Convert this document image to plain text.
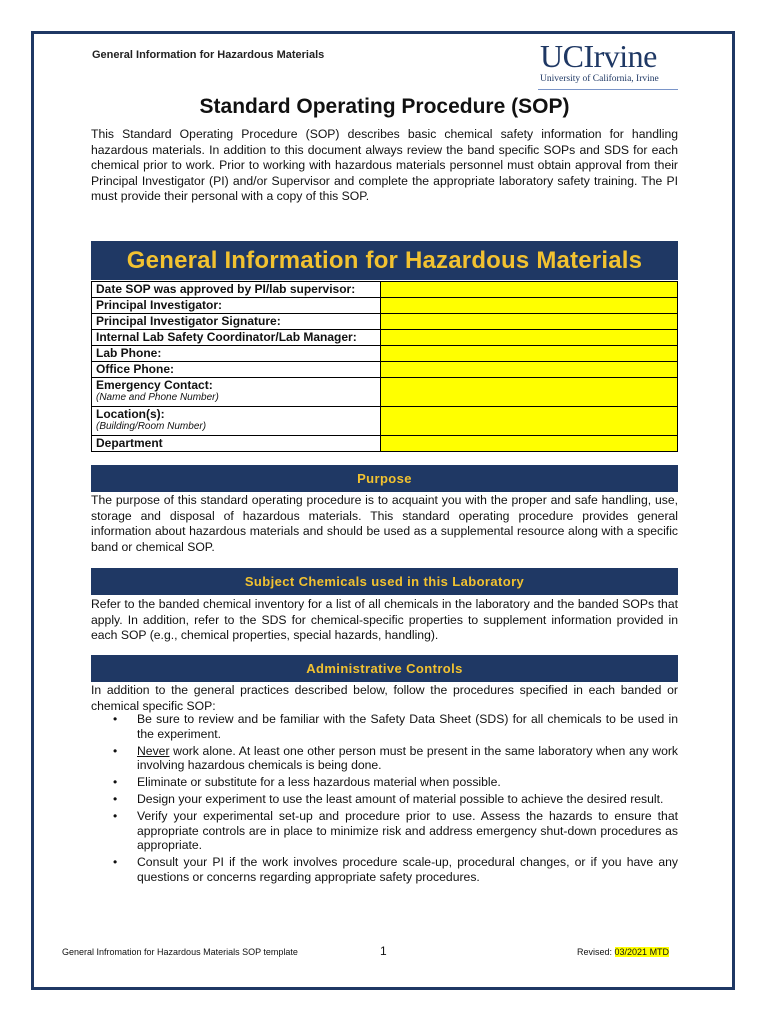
General Information for Hazardous Materials	UCIrvine
University of California, Irvine
Standard Operating Procedure (SOP)
This Standard Operating Procedure (SOP) describes basic chemical safety information for handling hazardous materials. In addition to this document always review the band specific SOPs and SDS for each chemical prior to work. Prior to working with hazardous materials personnel must obtain approval from their Principal Investigator (PI) and/or Supervisor and complete the appropriate laboratory safety training. The PI must provide their personal with a copy of this SOP.
General Information for Hazardous Materials
Date SOP was approved by PI/lab supervisor:	
Principal Investigator:	
Principal Investigator Signature:	
Internal Lab Safety Coordinator/Lab Manager:	
Lab Phone:	
Office Phone:	
Emergency Contact:
(Name and Phone Number)	

Location(s):
(Building/Room Number)	

Department	
Purpose
The purpose of this standard operating procedure is to acquaint you with the proper and safe handling, use, storage and disposal of hazardous materials. This standard operating procedure provides general information about hazardous materials and should be used as a supplemental resource along with a specific band or chemical SOP.
Subject Chemicals used in this Laboratory
Refer to the banded chemical inventory for a list of all chemicals in the laboratory and the banded SOPs that apply. In addition, refer to the SDS for chemical-specific properties to supplement information provided in each SOP (e.g., chemical properties, special hazards, handling).
Administrative Controls
In addition to the general practices described below, follow the procedures specified in each banded or chemical specific SOP:
• Be sure to review and be familiar with the Safety Data Sheet (SDS) for all chemicals to be used in the experiment.
• Never work alone. At least one other person must be present in the same laboratory when any work involving hazardous chemicals is being done.
• Eliminate or substitute for a less hazardous material when possible.
• Design your experiment to use the least amount of material possible to achieve the desired result.
• Verify your experimental set-up and procedure prior to use. Assess the hazards to ensure that appropriate controls are in place to minimize risk and address emergency shut-down procedures as appropriate.
• Consult your PI if the work involves procedure scale-up, procedural changes, or if you have any questions or concerns regarding appropriate safety procedures.
General Infromation for Hazardous Materials SOP template	1	Revised: 03/2021 MTD
